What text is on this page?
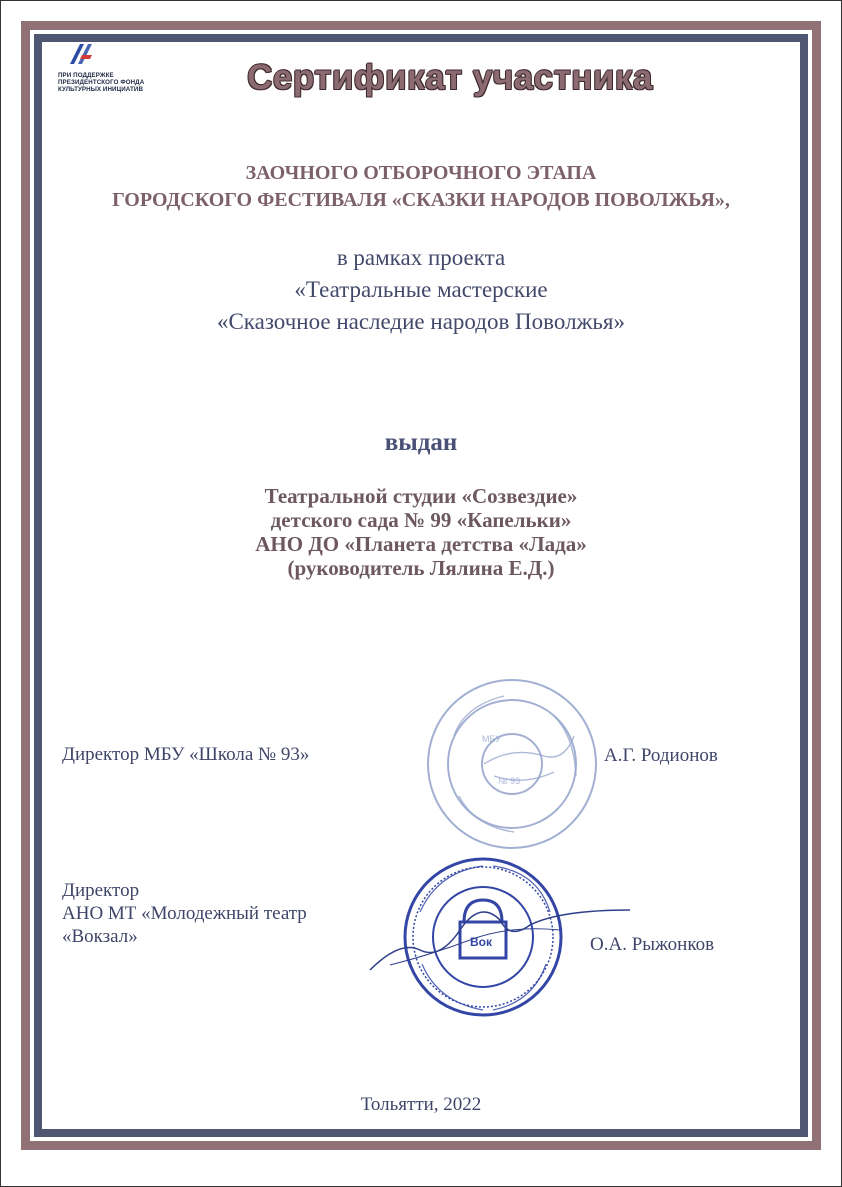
ПРИ ПОДДЕРЖКЕ
ПРЕЗИДЕНТСКОГО ФОНДА
КУЛЬТУРНЫХ ИНИЦИАТИВ	Сертификат участника
ЗАОЧНОГО ОТБОРОЧНОГО ЭТАПА
ГОРОДСКОГО ФЕСТИВАЛЯ «СКАЗКИ НАРОДОВ ПОВОЛЖЬЯ»,
в рамках проекта
«Театральные мастерские
«Сказочное наследие народов Поволжья»
выдан
Театральной студии «Созвездие»
детского сада № 99 «Капельки»
АНО ДО «Планета детства «Лада»
(руководитель Лялина Е.Д.)
МБУ
№ 93
Вок
Директор МБУ «Школа № 93»	А.Г. Родионов
Директор
АНО МТ «Молодежный театр
«Вокзал»	О.А. Рыжонков
Тольятти, 2022
